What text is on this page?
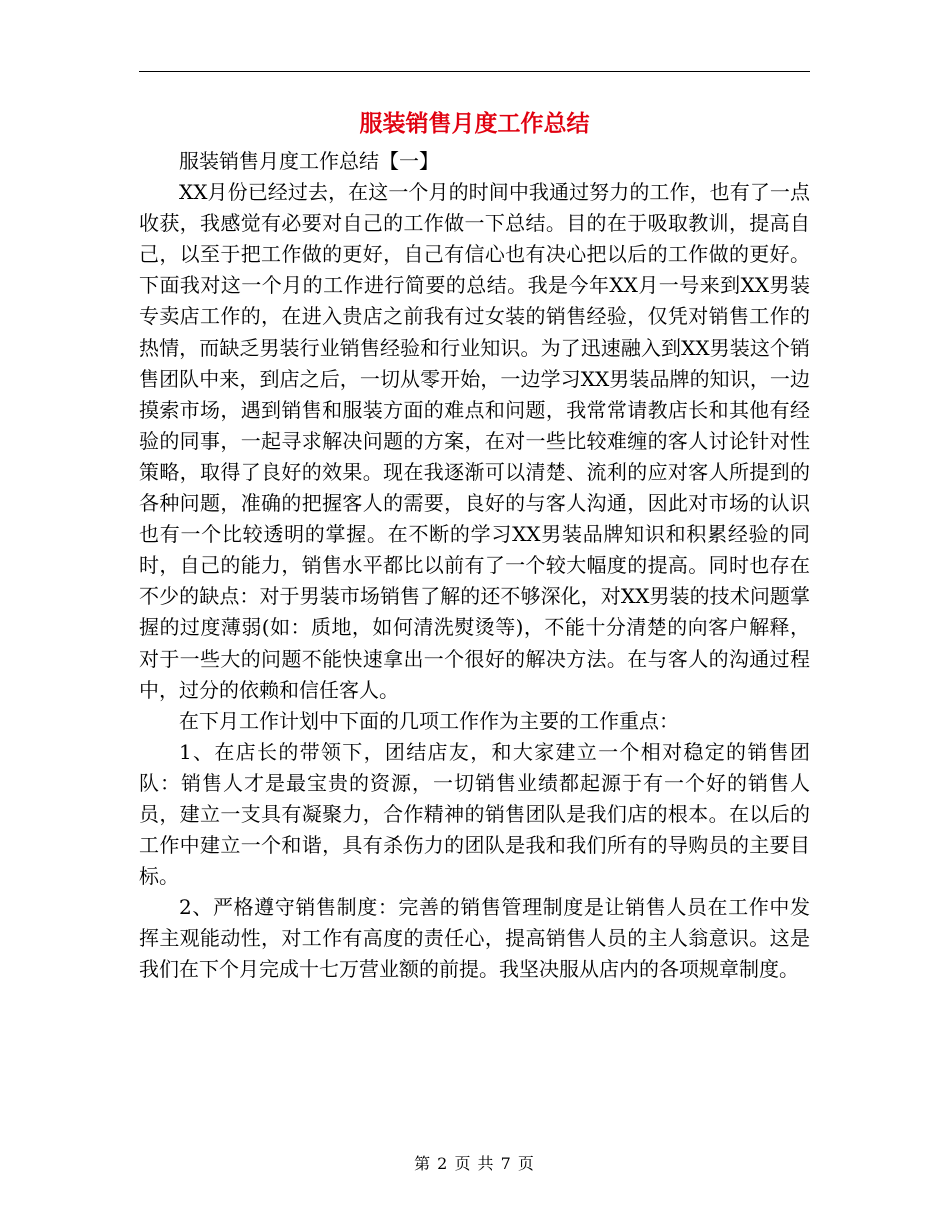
服装销售月度工作总结

服装销售月度工作总结【一】

XX月份已经过去，在这一个月的时间中我通过努力的工作，也有了一点收获，我感觉有必要对自己的工作做一下总结。目的在于吸取教训，提高自己，以至于把工作做的更好，自己有信心也有决心把以后的工作做的更好。下面我对这一个月的工作进行简要的总结。我是今年XX月一号来到XX男装专卖店工作的，在进入贵店之前我有过女装的销售经验，仅凭对销售工作的热情，而缺乏男装行业销售经验和行业知识。为了迅速融入到XX男装这个销售团队中来，到店之后，一切从零开始，一边学习XX男装品牌的知识，一边摸索市场，遇到销售和服装方面的难点和问题，我常常请教店长和其他有经验的同事，一起寻求解决问题的方案，在对一些比较难缠的客人讨论针对性策略，取得了良好的效果。现在我逐渐可以清楚、流利的应对客人所提到的各种问题，准确的把握客人的需要，良好的与客人沟通，因此对市场的认识也有一个比较透明的掌握。在不断的学习XX男装品牌知识和积累经验的同时，自己的能力，销售水平都比以前有了一个较大幅度的提高。同时也存在不少的缺点：对于男装市场销售了解的还不够深化，对XX男装的技术问题掌握的过度薄弱(如：质地，如何清洗熨烫等)，不能十分清楚的向客户解释，对于一些大的问题不能快速拿出一个很好的解决方法。在与客人的沟通过程中，过分的依赖和信任客人。

在下月工作计划中下面的几项工作作为主要的工作重点：

1、在店长的带领下，团结店友，和大家建立一个相对稳定的销售团队：销售人才是最宝贵的资源，一切销售业绩都起源于有一个好的销售人员，建立一支具有凝聚力，合作精神的销售团队是我们店的根本。在以后的工作中建立一个和谐，具有杀伤力的团队是我和我们所有的导购员的主要目标。

2、严格遵守销售制度：完善的销售管理制度是让销售人员在工作中发挥主观能动性，对工作有高度的责任心，提高销售人员的主人翁意识。这是我们在下个月完成十七万营业额的前提。我坚决服从店内的各项规章制度。

第 2 页 共 7 页
